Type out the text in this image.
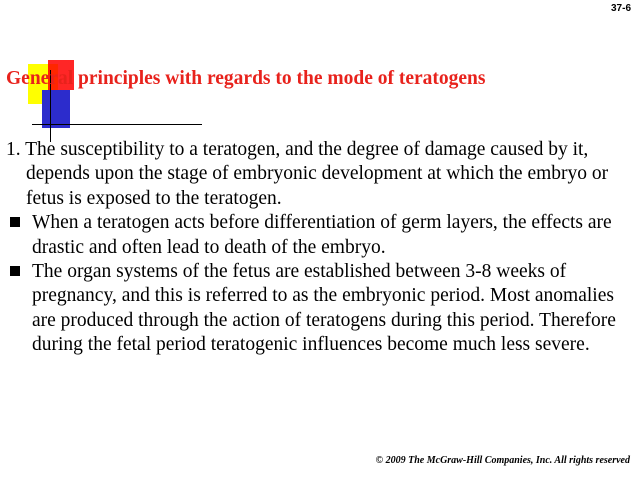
37-6
General principles with regards to the mode of teratogens
1. The susceptibility to a teratogen, and the degree of damage caused by it, depends upon the stage of embryonic development at which the embryo or fetus is exposed to the teratogen.
When a teratogen acts before differentiation of germ layers, the effects are drastic and often lead to death of the embryo.
The organ systems of the fetus are established between 3-8 weeks of pregnancy, and this is referred to as the embryonic period. Most anomalies are produced through the action of teratogens during this period. Therefore during the fetal period teratogenic influences become much less severe.
© 2009 The McGraw-Hill Companies, Inc. All rights reserved
